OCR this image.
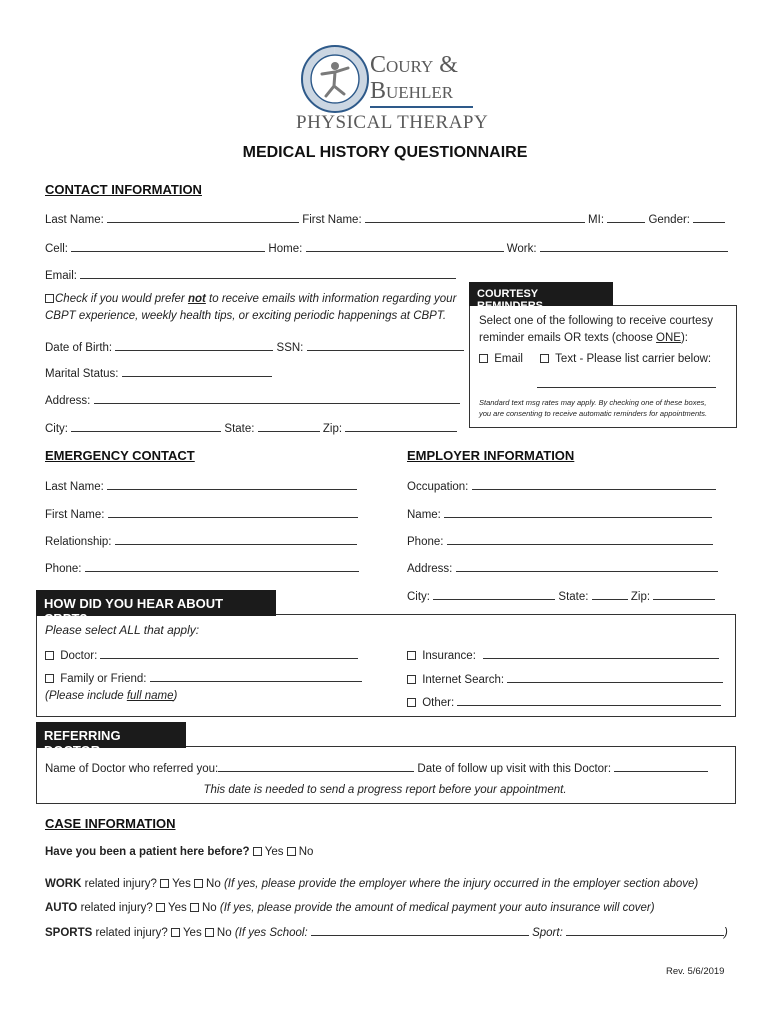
Coury &
Buehler
PHYSICAL THERAPY
MEDICAL HISTORY QUESTIONNAIRE
CONTACT INFORMATION
Last Name:	First Name:	MI:	Gender:
Cell:	Home:	Work:
Email:
Check if you would prefer not to receive emails with information regarding your
CBPT experience, weekly health tips, or exciting periodic happenings at CBPT.
Date of Birth:	SSN:
Marital Status:
Address:
City:	State:	Zip:
COURTESY REMINDERS
Select one of the following to receive courtesy
reminder emails OR texts (choose ONE):
Email	Text - Please list carrier below:
Standard text msg rates may apply. By checking one of these boxes,
you are consenting to receive automatic reminders for appointments.
EMERGENCY CONTACT
Last Name:
First Name:
Relationship:
Phone:
EMPLOYER INFORMATION
Occupation:
Name:
Phone:
Address:
City:	State:	Zip:
HOW DID YOU HEAR ABOUT CBPT?
Please select ALL that apply:
Doctor:
Family or Friend:
(Please include full name)
Insurance:
Internet Search:
Other:
REFERRING DOCTOR
Name of Doctor who referred you:	Date of follow up visit with this Doctor:
This date is needed to send a progress report before your appointment.
CASE INFORMATION
Have you been a patient here before? Yes No
WORK related injury? Yes No (If yes, please provide the employer where the injury occurred in the employer section above)
AUTO related injury? Yes No (If yes, please provide the amount of medical payment your auto insurance will cover)
SPORTS related injury? Yes No (If yes School:	Sport:	)
Rev. 5/6/2019
